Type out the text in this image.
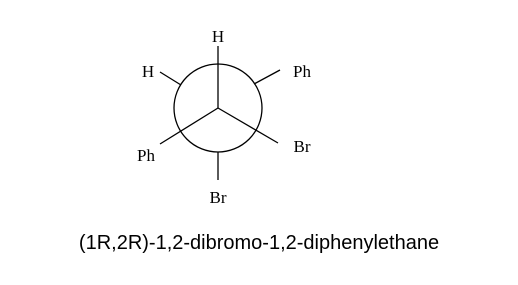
H
H	Ph
Ph	Br
Br
(1R,2R)-1,2-dibromo-1,2-diphenylethane
